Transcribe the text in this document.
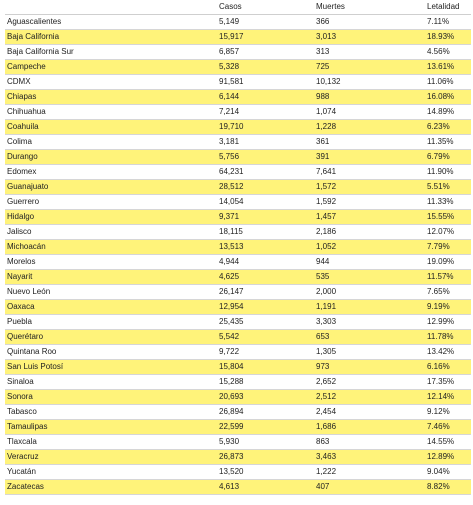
	Casos	Muertes	Letalidad
Aguascalientes	5,149	366	7.11%
Baja California	15,917	3,013	18.93%
Baja California Sur	6,857	313	4.56%
Campeche	5,328	725	13.61%
CDMX	91,581	10,132	11.06%
Chiapas	6,144	988	16.08%
Chihuahua	7,214	1,074	14.89%
Coahuila	19,710	1,228	6.23%
Colima	3,181	361	11.35%
Durango	5,756	391	6.79%
Edomex	64,231	7,641	11.90%
Guanajuato	28,512	1,572	5.51%
Guerrero	14,054	1,592	11.33%
Hidalgo	9,371	1,457	15.55%
Jalisco	18,115	2,186	12.07%
Michoacán	13,513	1,052	7.79%
Morelos	4,944	944	19.09%
Nayarit	4,625	535	11.57%
Nuevo León	26,147	2,000	7.65%
Oaxaca	12,954	1,191	9.19%
Puebla	25,435	3,303	12.99%
Querétaro	5,542	653	11.78%
Quintana Roo	9,722	1,305	13.42%
San Luis Potosí	15,804	973	6.16%
Sinaloa	15,288	2,652	17.35%
Sonora	20,693	2,512	12.14%
Tabasco	26,894	2,454	9.12%
Tamaulipas	22,599	1,686	7.46%
Tlaxcala	5,930	863	14.55%
Veracruz	26,873	3,463	12.89%
Yucatán	13,520	1,222	9.04%
Zacatecas	4,613	407	8.82%
